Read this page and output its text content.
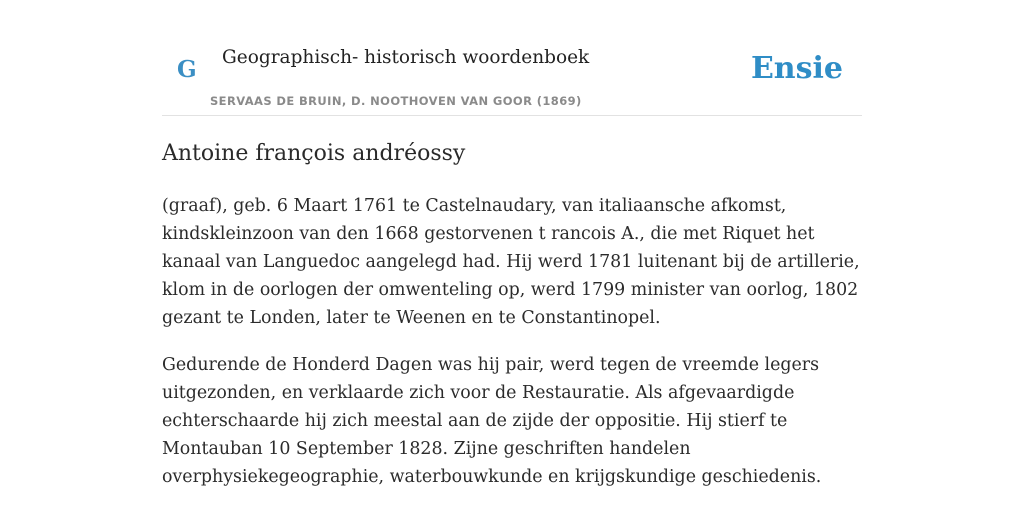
G Geographisch- historisch woordenboek
SERVAAS DE BRUIN, D. NOOTHOVEN VAN GOOR (1869)
Ensie
Antoine françois andréossy

(graaf), geb. 6 Maart 1761 te Castelnaudary, van italiaansche afkomst, kindskleinzoon van den 1668 gestorvenen t rancois A., die met Riquet het kanaal van Languedoc aangelegd had. Hij werd 1781 luitenant bij de artillerie, klom in de oorlogen der omwenteling op, werd 1799 minister van oorlog, 1802 gezant te Londen, later te Weenen en te Constantinopel.

Gedurende de Honderd Dagen was hij pair, werd tegen de vreemde legers uitgezonden, en verklaarde zich voor de Restauratie. Als afgevaardigde echterschaarde hij zich meestal aan de zijde der oppositie. Hij stierf te Montauban 10 September 1828. Zijne geschriften handelen overphysiekegeographie, waterbouwkunde en krijgskundige geschiedenis.
